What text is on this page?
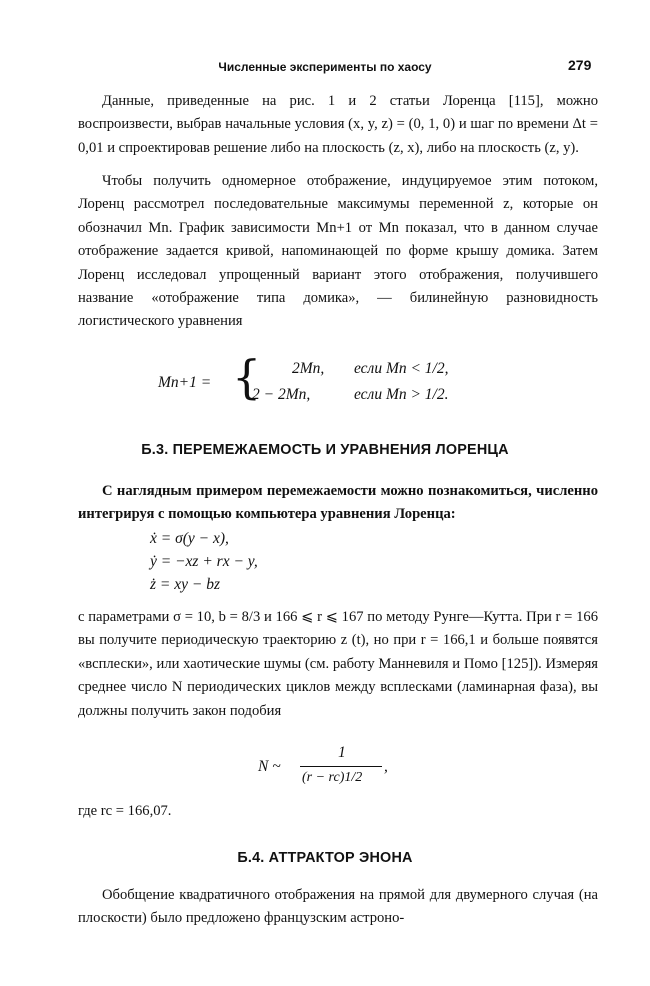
Численные эксперименты по хаосу	279

Данные, приведенные на рис. 1 и 2 статьи Лоренца [115], можно воспроизвести, выбрав начальные условия (x, y, z) = (0, 1, 0) и шаг по времени Δt = 0,01 и спроектировав решение либо на плоскость (z, x), либо на плоскость (z, y).

Чтобы получить одномерное отображение, индуцируемое этим потоком, Лоренц рассмотрел последовательные максимумы переменной z, которые он обозначил Mn. График зависимости Mn+1 от Mn показал, что в данном случае отображение задается кривой, напоминающей по форме крышу домика. Затем Лоренц исследовал упрощенный вариант этого отображения, получившего название «отображение типа домика», — билинейную разновидность логистического уравнения

Mn+1 = { 2Mn, если Mn < 1/2,
2 − 2Mn,	если Mn > 1/2.
Б.3. ПЕРЕМЕЖАЕМОСТЬ И УРАВНЕНИЯ ЛОРЕНЦА

С наглядным примером перемежаемости можно познакомиться, численно интегрируя с помощью компьютера уравнения Лоренца:

ẋ = σ(y − x),
ẏ = −xz + rx − y,
ż = xy − bz

с параметрами σ = 10, b = 8/3 и 166 ⩽ r ⩽ 167 по методу Рунге—Кутта. При r = 166 вы получите периодическую траекторию z (t), но при r = 166,1 и больше появятся «всплески», или хаотические шумы (см. работу Манневиля и Помо [125]). Измеряя среднее число N периодических циклов между всплесками (ламинарная фаза), вы должны получить закон подобия

N ~
1
(r − rc)1/2
,

где rc = 166,07.

Б.4. АТТРАКТОР ЭНОНА

Обобщение квадратичного отображения на прямой для двумерного случая (на плоскости) было предложено французским астроно-
